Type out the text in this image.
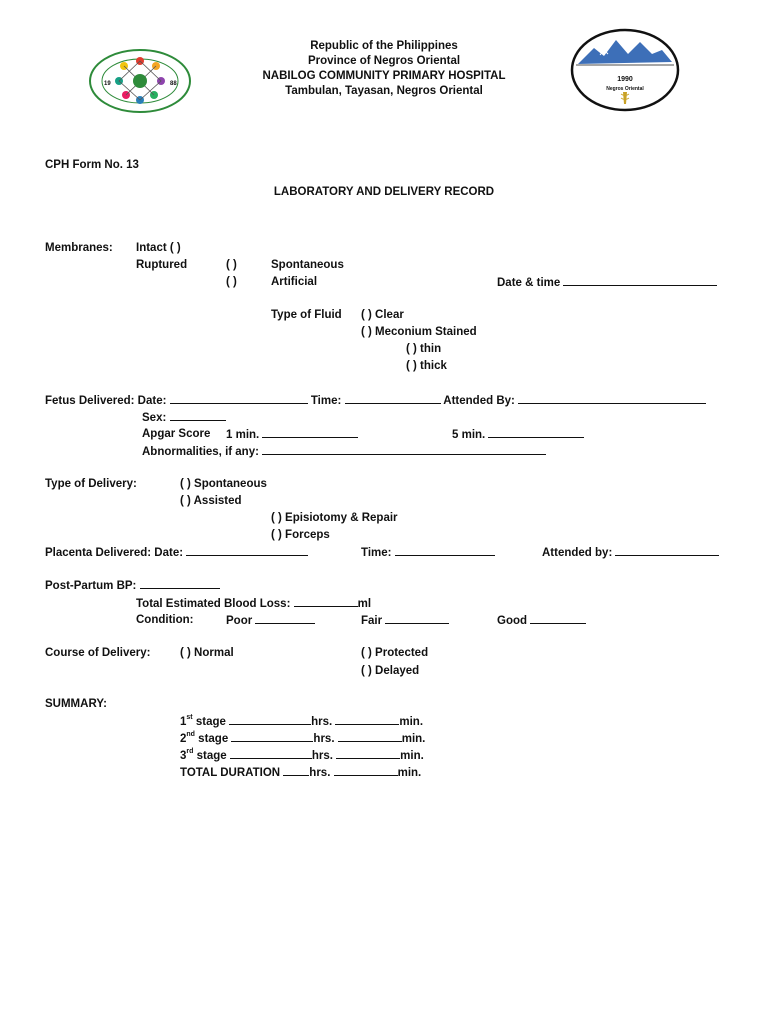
19	88
Republic of the Philippines
Province of Negros Oriental
NABILOG COMMUNITY PRIMARY HOSPITAL
Tambulan, Tayasan, Negros Oriental
1990
Negros Oriental
CPH Form No. 13
LABORATORY AND DELIVERY RECORD
Membranes: Intact ( )
Ruptured	( )	Spontaneous
( )	Artificial	Date & time
Type of Fluid ( ) Clear
( ) Meconium Stained
( ) thin
( ) thick
Fetus Delivered: Date:	Time:	Attended By:
Sex:
Apgar Score 1 min.	5 min.
Abnormalities, if any:
Type of Delivery:	( ) Spontaneous
( ) Assisted
( ) Episiotomy & Repair
( ) Forceps
Placenta Delivered: Date:	Time:	Attended by:
Post-Partum BP:
Total Estimated Blood Loss:	ml
Condition:	Poor	Fair	Good
Course of Delivery:	( ) Normal	( ) Protected
( ) Delayed
SUMMARY:
1st stage	hrs.	min.
2nd stage	hrs.	min.
3rd stage	hrs.	min.
TOTAL DURATION	hrs.	min.
